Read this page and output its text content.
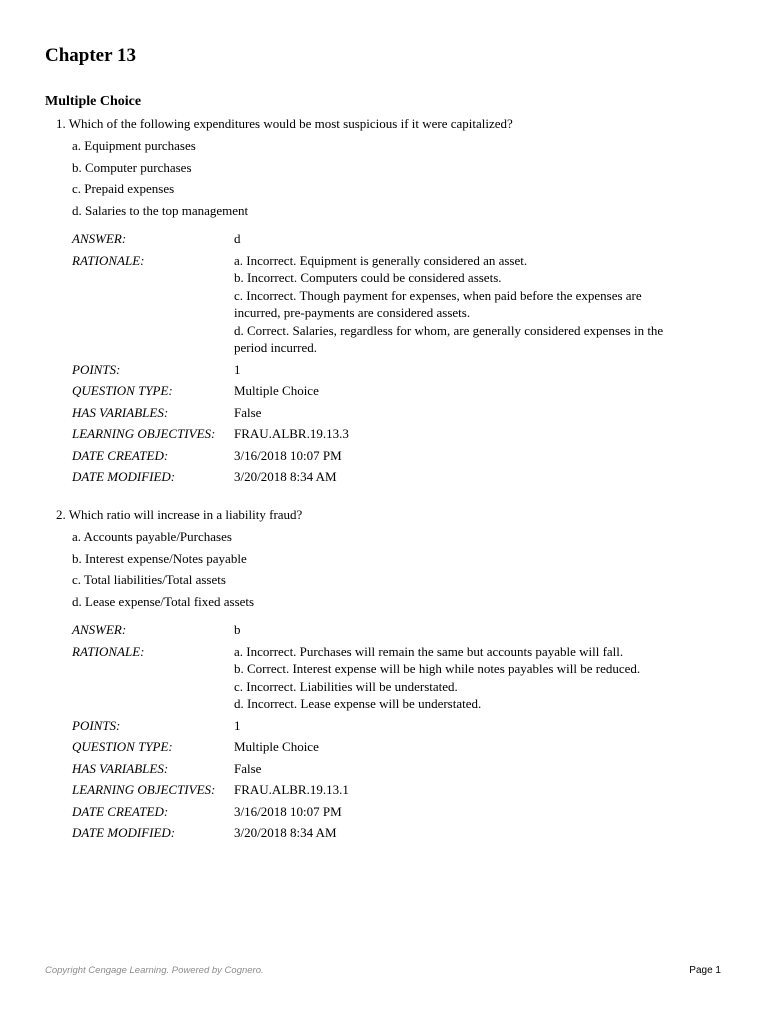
Chapter 13
Multiple Choice
1. Which of the following expenditures would be most suspicious if it were capitalized?
a. Equipment purchases
b. Computer purchases
c. Prepaid expenses
d. Salaries to the top management
ANSWER:	d
RATIONALE:	a. Incorrect. Equipment is generally considered an asset.
b. Incorrect. Computers could be considered assets.
c. Incorrect. Though payment for expenses, when paid before the expenses are
incurred, pre-payments are considered assets.
d. Correct. Salaries, regardless for whom, are generally considered expenses in the
period incurred.
POINTS:	1
QUESTION TYPE:	Multiple Choice
HAS VARIABLES:	False
LEARNING OBJECTIVES:	FRAU.ALBR.19.13.3
DATE CREATED:	3/16/2018 10:07 PM
DATE MODIFIED:	3/20/2018 8:34 AM
2. Which ratio will increase in a liability fraud?
a. Accounts payable/Purchases
b. Interest expense/Notes payable
c. Total liabilities/Total assets
d. Lease expense/Total fixed assets
ANSWER:	b
RATIONALE:	a. Incorrect. Purchases will remain the same but accounts payable will fall.
b. Correct. Interest expense will be high while notes payables will be reduced.
c. Incorrect. Liabilities will be understated.
d. Incorrect. Lease expense will be understated.
POINTS:	1
QUESTION TYPE:	Multiple Choice
HAS VARIABLES:	False
LEARNING OBJECTIVES:	FRAU.ALBR.19.13.1
DATE CREATED:	3/16/2018 10:07 PM
DATE MODIFIED:	3/20/2018 8:34 AM
Copyright Cengage Learning. Powered by Cognero.	Page 1
